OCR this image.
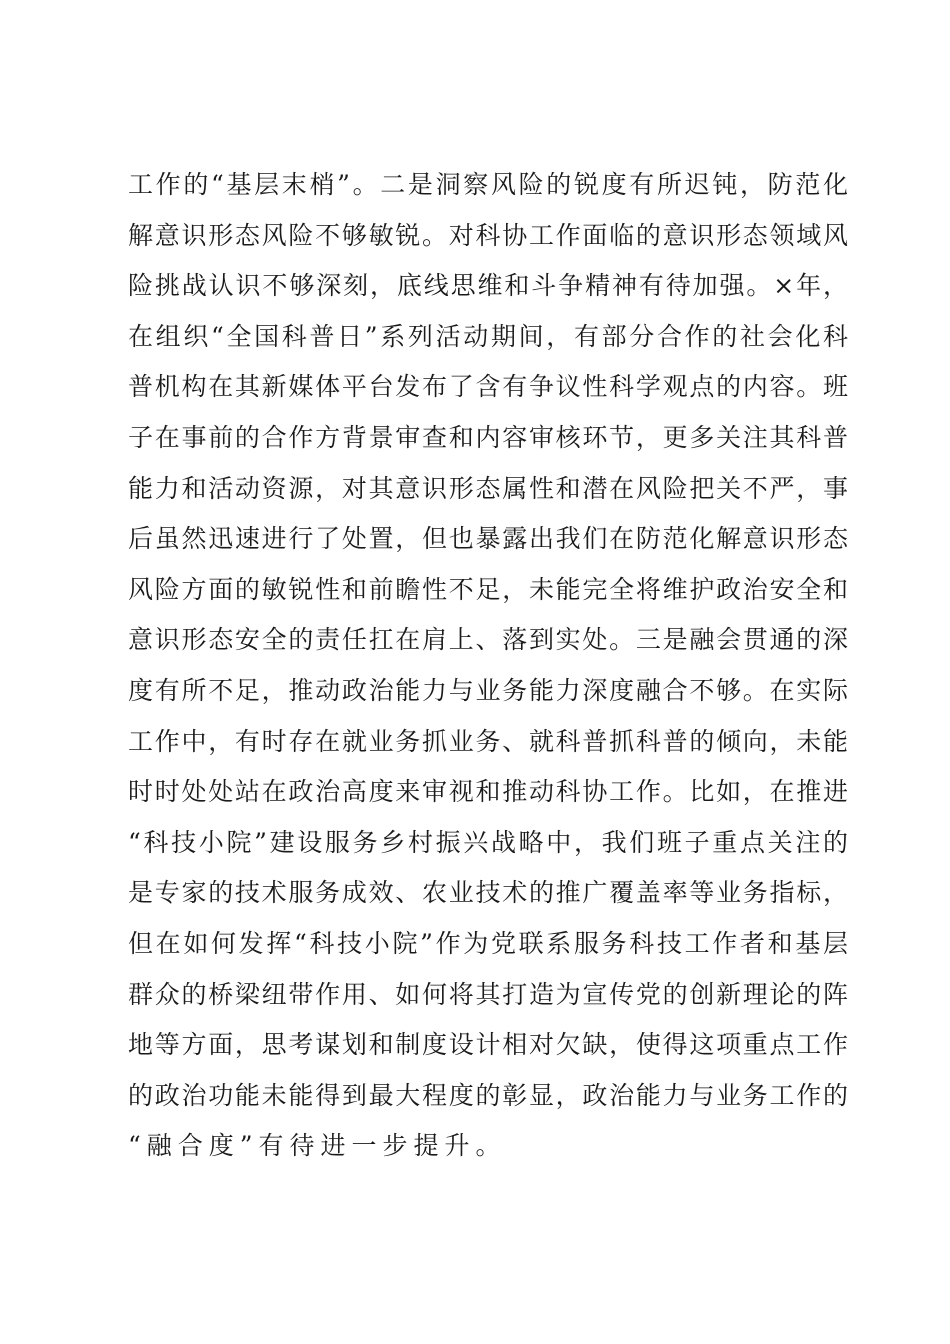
工作的“基层末梢”。二是洞察风险的锐度有所迟钝，防范化
解意识形态风险不够敏锐。对科协工作面临的意识形态领域风
险挑战认识不够深刻，底线思维和斗争精神有待加强。×年，
在组织“全国科普日”系列活动期间，有部分合作的社会化科
普机构在其新媒体平台发布了含有争议性科学观点的内容。班
子在事前的合作方背景审查和内容审核环节，更多关注其科普
能力和活动资源，对其意识形态属性和潜在风险把关不严，事
后虽然迅速进行了处置，但也暴露出我们在防范化解意识形态
风险方面的敏锐性和前瞻性不足，未能完全将维护政治安全和
意识形态安全的责任扛在肩上、落到实处。三是融会贯通的深
度有所不足，推动政治能力与业务能力深度融合不够。在实际
工作中，有时存在就业务抓业务、就科普抓科普的倾向，未能
时时处处站在政治高度来审视和推动科协工作。比如，在推进
“科技小院”建设服务乡村振兴战略中，我们班子重点关注的
是专家的技术服务成效、农业技术的推广覆盖率等业务指标，
但在如何发挥“科技小院”作为党联系服务科技工作者和基层
群众的桥梁纽带作用、如何将其打造为宣传党的创新理论的阵
地等方面，思考谋划和制度设计相对欠缺，使得这项重点工作
的政治功能未能得到最大程度的彰显，政治能力与业务工作的
“融合度”有待进一步提升。
